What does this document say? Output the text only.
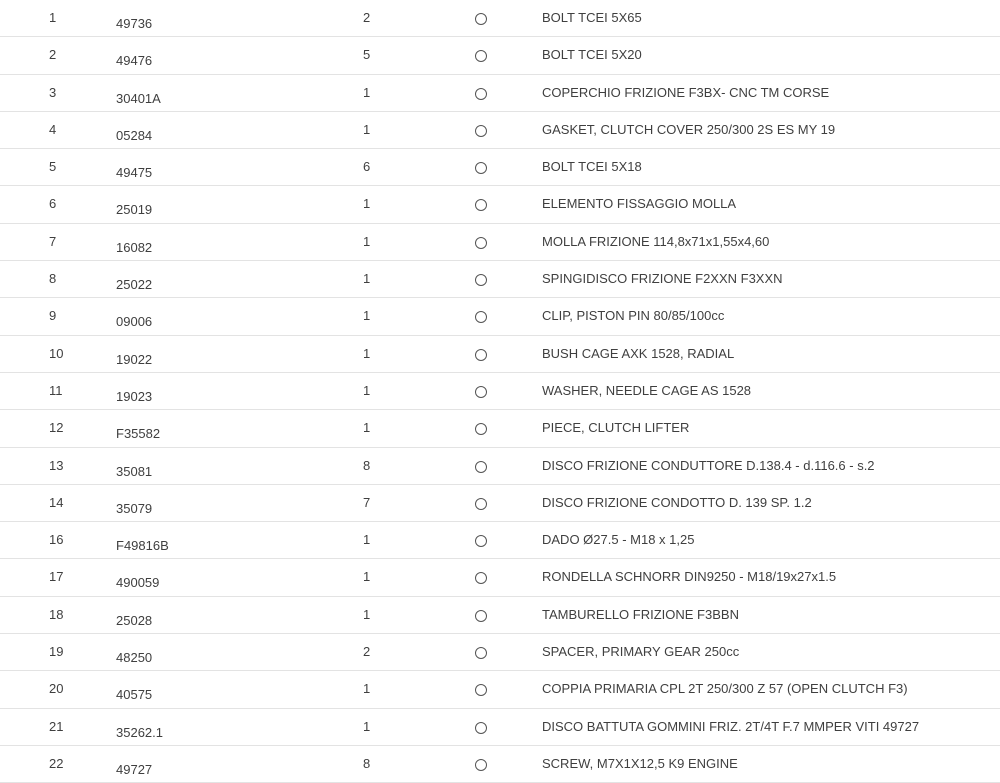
1	49736	2	BOLT TCEI 5X65
2	49476	5	BOLT TCEI 5X20
3	30401A	1	COPERCHIO FRIZIONE F3BX- CNC TM CORSE
4	05284	1	GASKET, CLUTCH COVER 250/300 2S ES MY 19
5	49475	6	BOLT TCEI 5X18
6	25019	1	ELEMENTO FISSAGGIO MOLLA
7	16082	1	MOLLA FRIZIONE 114,8x71x1,55x4,60
8	25022	1	SPINGIDISCO FRIZIONE F2XXN F3XXN
9	09006	1	CLIP, PISTON PIN 80/85/100cc
10	19022	1	BUSH CAGE AXK 1528, RADIAL
11	19023	1	WASHER, NEEDLE CAGE AS 1528
12	F35582	1	PIECE, CLUTCH LIFTER
13	35081	8	DISCO FRIZIONE CONDUTTORE D.138.4 - d.116.6 - s.2
14	35079	7	DISCO FRIZIONE CONDOTTO D. 139 SP. 1.2
16	F49816B	1	DADO Ø27.5 - M18 x 1,25
17	490059	1	RONDELLA SCHNORR DIN9250 - M18/19x27x1.5
18	25028	1	TAMBURELLO FRIZIONE F3BBN
19	48250	2	SPACER, PRIMARY GEAR 250cc
20	40575	1	COPPIA PRIMARIA CPL 2T 250/300 Z 57 (OPEN CLUTCH F3)
21	35262.1	1	DISCO BATTUTA GOMMINI FRIZ. 2T/4T F.7 MMPER VITI 49727
22	49727	8	SCREW, M7X1X12,5 K9 ENGINE
